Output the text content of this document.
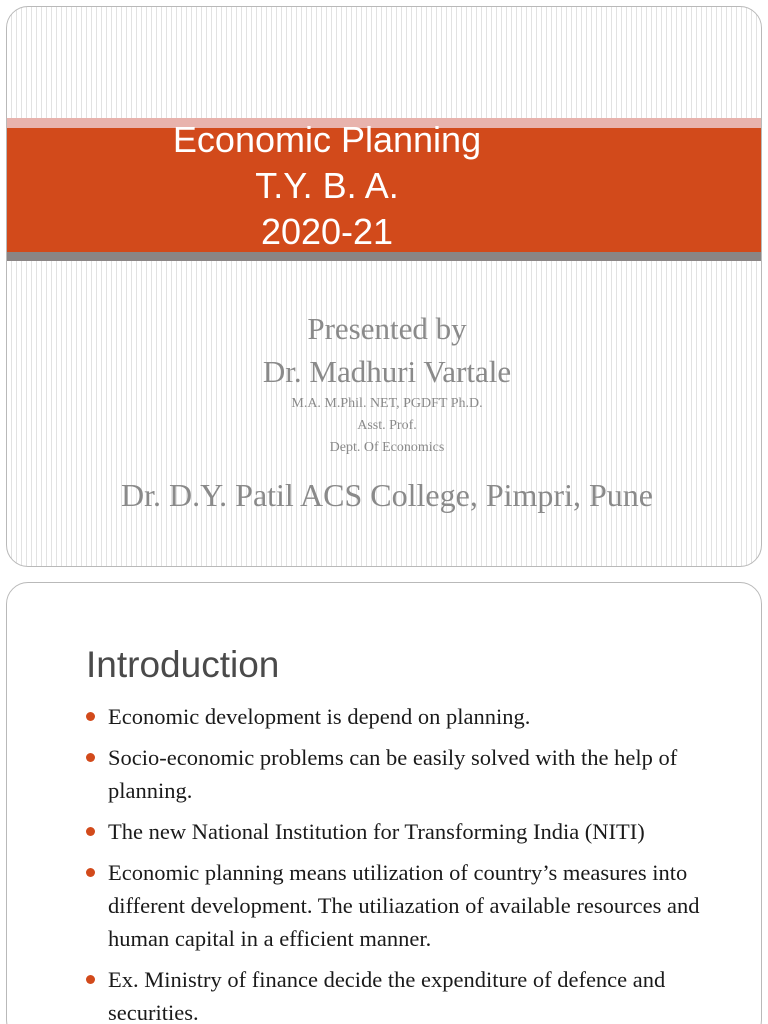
Economic Planning
T.Y. B. A.
2020-21
Presented by
Dr. Madhuri Vartale
M.A. M.Phil. NET, PGDFT Ph.D.
Asst. Prof.
Dept. Of Economics
Dr. D.Y. Patil ACS College, Pimpri, Pune
Introduction
Economic development is depend on planning.
Socio-economic problems can be easily solved with the help of planning.
The new National Institution for Transforming India (NITI)
Economic planning means utilization of country’s measures into different development. The utiliazation of available resources and human capital in a efficient manner.
Ex. Ministry of finance decide the expenditure of defence and securities.
